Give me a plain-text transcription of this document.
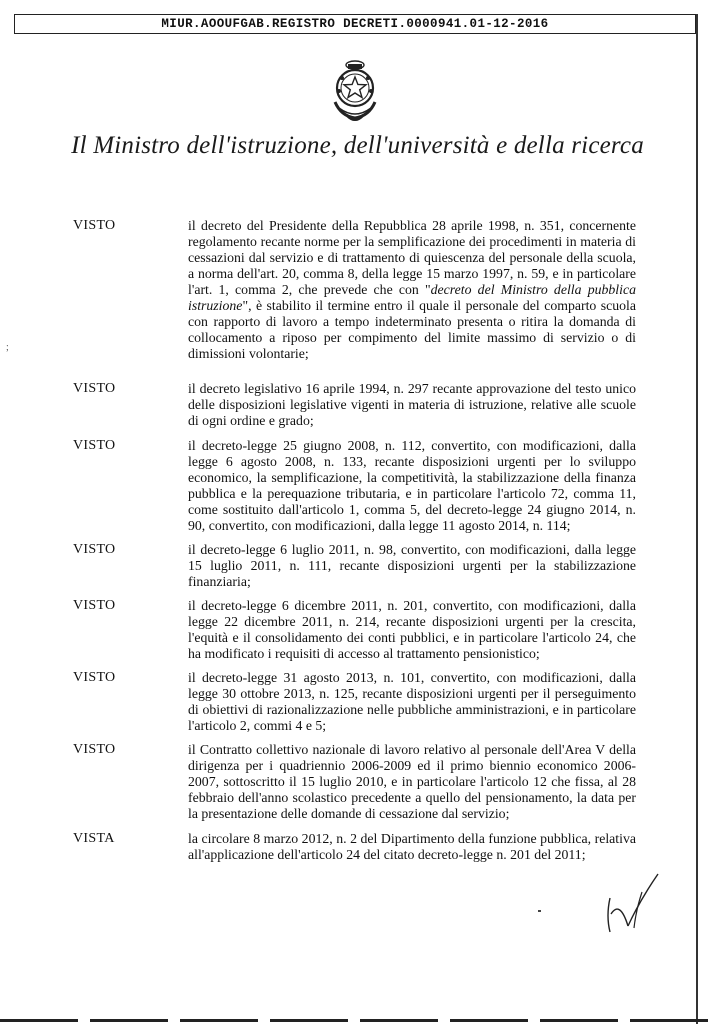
MIUR.AOOUFGAB.REGISTRO DECRETI.0000941.01-12-2016
Il Ministro dell'istruzione, dell'università e della ricerca
;
VISTO	il decreto del Presidente della Repubblica 28 aprile 1998, n. 351, concernente regolamento recante norme per la semplificazione dei procedimenti in materia di cessazioni dal servizio e di trattamento di quiescenza del personale della scuola, a norma dell'art. 20, comma 8, della legge 15 marzo 1997, n. 59, e in particolare l'art. 1, comma 2, che prevede che con "decreto del Ministro della pubblica istruzione", è stabilito il termine entro il quale il personale del comparto scuola con rapporto di lavoro a tempo indeterminato presenta o ritira la domanda di collocamento a riposo per compimento del limite massimo di servizio o di dimissioni volontarie;
VISTO	il decreto legislativo 16 aprile 1994, n. 297 recante approvazione del testo unico delle disposizioni legislative vigenti in materia di istruzione, relative alle scuole di ogni ordine e grado;
VISTO	il decreto-legge 25 giugno 2008, n. 112, convertito, con modificazioni, dalla legge 6 agosto 2008, n. 133, recante disposizioni urgenti per lo sviluppo economico, la semplificazione, la competitività, la stabilizzazione della finanza pubblica e la perequazione tributaria, e in particolare l'articolo 72, comma 11, come sostituito dall'articolo 1, comma 5, del decreto-legge 24 giugno 2014, n. 90, convertito, con modificazioni, dalla legge 11 agosto 2014, n. 114;
VISTO	il decreto-legge 6 luglio 2011, n. 98, convertito, con modificazioni, dalla legge 15 luglio 2011, n. 111, recante disposizioni urgenti per la stabilizzazione finanziaria;
VISTO	il decreto-legge 6 dicembre 2011, n. 201, convertito, con modificazioni, dalla legge 22 dicembre 2011, n. 214, recante disposizioni urgenti per la crescita, l'equità e il consolidamento dei conti pubblici, e in particolare l'articolo 24, che ha modificato i requisiti di accesso al trattamento pensionistico;
VISTO	il decreto-legge 31 agosto 2013, n. 101, convertito, con modificazioni, dalla legge 30 ottobre 2013, n. 125, recante disposizioni urgenti per il perseguimento di obiettivi di razionalizzazione nelle pubbliche amministrazioni, e in particolare l'articolo 2, commi 4 e 5;
VISTO	il Contratto collettivo nazionale di lavoro relativo al personale dell'Area V della dirigenza per i quadriennio 2006-2009 ed il primo biennio economico 2006-2007, sottoscritto il 15 luglio 2010, e in particolare l'articolo 12 che fissa, al 28 febbraio dell'anno scolastico precedente a quello del pensionamento, la data per la presentazione delle domande di cessazione dal servizio;
VISTA	la circolare 8 marzo 2012, n. 2 del Dipartimento della funzione pubblica, relativa all'applicazione dell'articolo 24 del citato decreto-legge n. 201 del 2011;
